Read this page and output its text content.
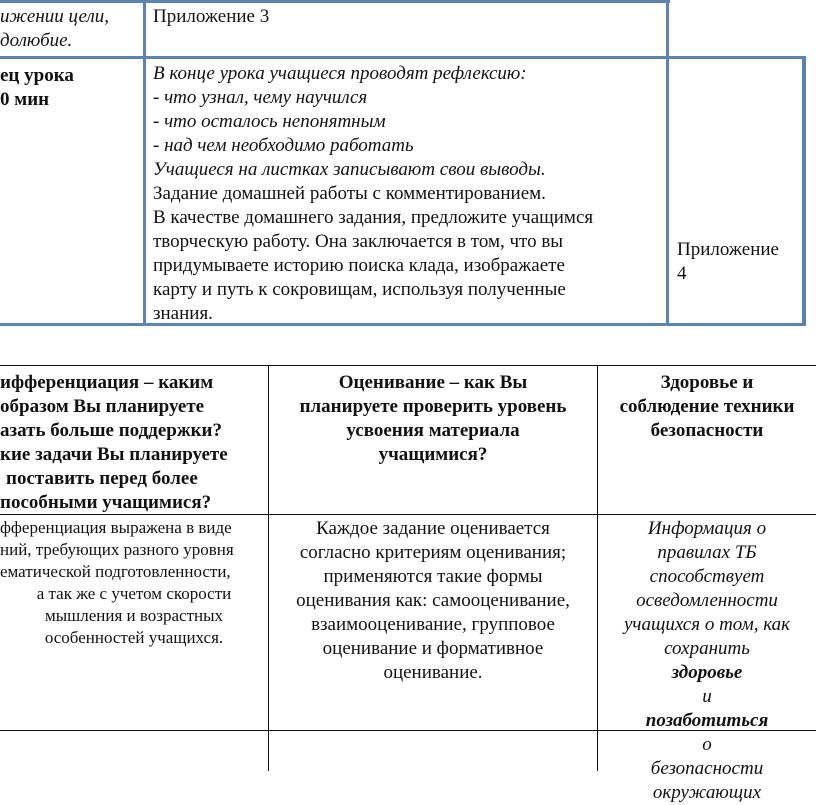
ижении цели,
долюбие.
Приложение 3
ец урока
0 мин
В конце урока учащиеся проводят рефлексию:
- что узнал, чему научился
- что осталось непонятным
- над чем необходимо работать
Учащиеся на листках записывают свои выводы.
Задание домашней работы с комментированием.
В качестве домашнего задания, предложите учащимся
творческую работу. Она заключается в том, что вы
придумываете историю поиска клада, изображаете
карту и путь к сокровищам, используя полученные
знания.
Приложение
4
ифференциация – каким
образом Вы планируете
азать больше поддержки?
кие задачи Вы планируете
поставить перед более
пособными учащимися?
Оценивание – как Вы
планируете проверить уровень
усвоения материала
учащимися?
Здоровье и
соблюдение техники
безопасности
фференциация выражена в виде
ний, требующих разного уровня
ематической подготовленности,
а так же с учетом скорости
мышления и возрастных
особенностей учащихся.
Каждое задание оценивается
согласно критериям оценивания;
применяются такие формы
оценивания как: самооценивание,
взаимооценивание, групповое
оценивание и формативное
оценивание.
Информация о
правилах ТБ
способствует
осведомленности
учащихся о том, как
сохранить
здоровье
и
позаботиться
о
безопасности
окружающих
